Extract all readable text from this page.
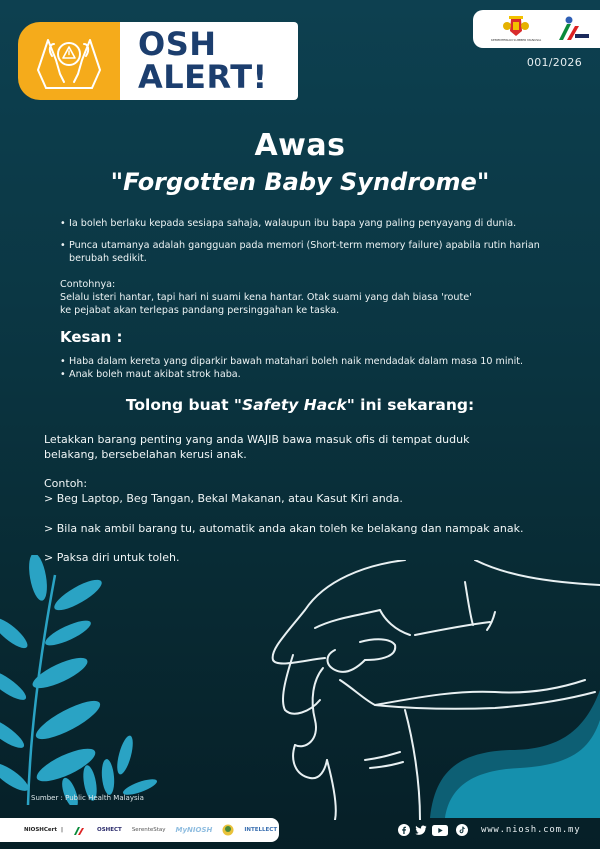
OSH
ALERT!
KEMENTERIAN SUMBER MANUSIA
001/2026
Awas
"Forgotten Baby Syndrome"
• Ia boleh berlaku kepada sesiapa sahaja, walaupun ibu bapa yang paling penyayang di dunia.
• Punca utamanya adalah gangguan pada memori (Short-term memory failure) apabila rutin harian berubah sedikit.
Contohnya:
Selalu isteri hantar, tapi hari ni suami kena hantar. Otak suami yang dah biasa 'route'
ke pejabat akan terlepas pandang persinggahan ke taska.
Kesan :
• Haba dalam kereta yang diparkir bawah matahari boleh naik mendadak dalam masa 10 minit.
• Anak boleh maut akibat strok haba.
Tolong buat "Safety Hack" ini sekarang:
Letakkan barang penting yang anda WAJIB bawa masuk ofis di tempat duduk
belakang, bersebelahan kerusi anak.
Contoh:
> Beg Laptop, Beg Tangan, Bekal Makanan, atau Kasut Kiri anda.
> Bila nak ambil barang tu, automatik anda akan toleh ke belakang dan nampak anak.
> Paksa diri untuk toleh.
Sumber : Public Health Malaysia
NIOSHCert |	OSHECT SerenteStay MyNIOSH	INTELLECT	www.niosh.com.my
